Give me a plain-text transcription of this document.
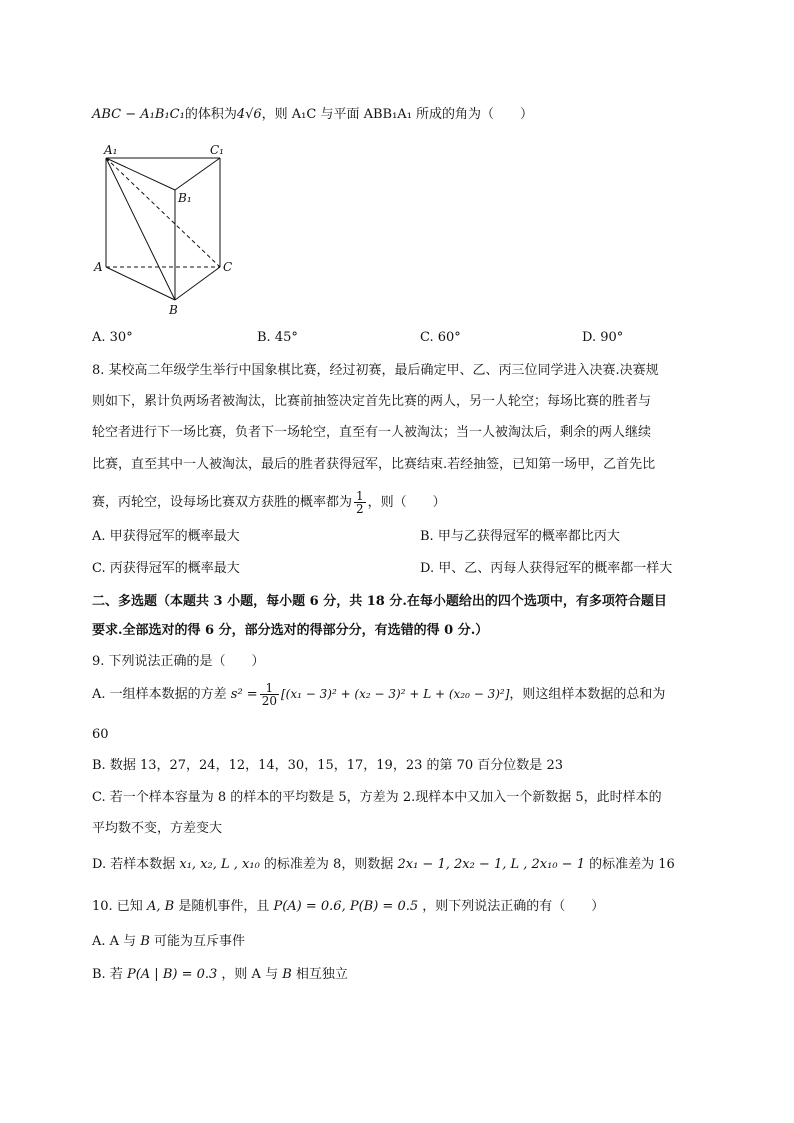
ABC − A₁B₁C₁的体积为4√6，则 A₁C 与平面 ABB₁A₁ 所成的角为（　　）
A₁	C₁
B₁
A	C
B
A. 30°	B. 45°	C. 60°	D. 90°
8. 某校高二年级学生举行中国象棋比赛，经过初赛，最后确定甲、乙、丙三位同学进入决赛.决赛规
则如下，累计负两场者被淘汰，比赛前抽签决定首先比赛的两人，另一人轮空；每场比赛的胜者与
轮空者进行下一场比赛，负者下一场轮空，直至有一人被淘汰；当一人被淘汰后，剩余的两人继续
比赛，直至其中一人被淘汰，最后的胜者获得冠军，比赛结束.若经抽签，已知第一场甲，乙首先比
赛，丙轮空，设每场比赛双方获胜的概率都为 $\frac{1}{2}$ ，则（　　）
A. 甲获得冠军的概率最大	B. 甲与乙获得冠军的概率都比丙大
C. 丙获得冠军的概率最大	D. 甲、乙、丙每人获得冠军的概率都一样大
二、多选题（本题共 3 小题，每小题 6 分，共 18 分.在每小题给出的四个选项中，有多项符合题目
要求.全部选对的得 6 分，部分选对的得部分分，有选错的得 0 分.）
9. 下列说法正确的是（　　）
A. 一组样本数据的方差 $s^2 = \frac{1}{20} [(x_1 - 3)^2 + (x_2 - 3)^2 + L + (x_{20} - 3)^2]$，则这组样本数据的总和为
60
B. 数据 13，27，24，12，14，30，15，17，19，23 的第 70 百分位数是 23
C. 若一个样本容量为 8 的样本的平均数是 5，方差为 2.现样本中又加入一个新数据 5，此时样本的
平均数不变，方差变大
D. 若样本数据 x₁, x₂, L , x₁₀ 的标准差为 8，则数据 2x₁ − 1, 2x₂ − 1, L , 2x₁₀ − 1 的标准差为 16
10. 已知 A, B 是随机事件，且 P(A) = 0.6, P(B) = 0.5 ，则下列说法正确的有（　　）
A. A 与 B 可能为互斥事件
B. 若 P(A | B) = 0.3 ，则 A 与 B 相互独立
